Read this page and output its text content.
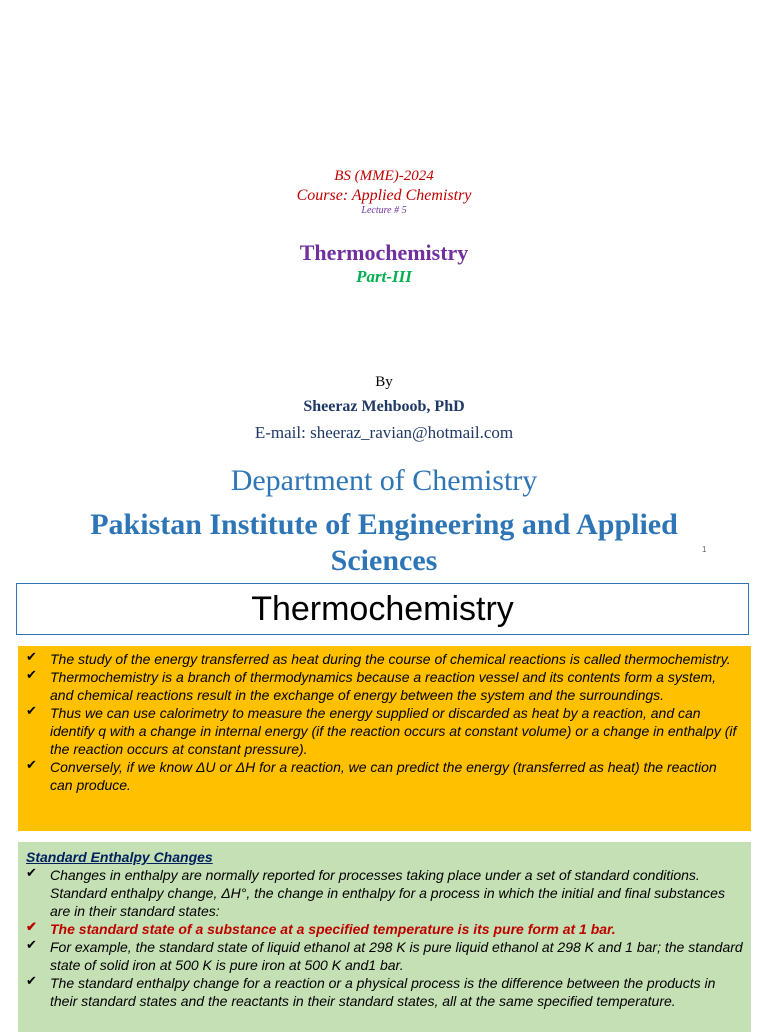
BS (MME)-2024
Course: Applied Chemistry
Lecture # 5
Thermochemistry
Part-III
By
Sheeraz Mehboob, PhD
E-mail: sheeraz_ravian@hotmail.com
Department of Chemistry
Pakistan Institute of Engineering and Applied Sciences	1
Thermochemistry
✔ The study of the energy transferred as heat during the course of chemical reactions is called thermochemistry.
✔ Thermochemistry is a branch of thermodynamics because a reaction vessel and its contents form a system, and chemical reactions result in the exchange of energy between the system and the surroundings.
✔ Thus we can use calorimetry to measure the energy supplied or discarded as heat by a reaction, and can identify q with a change in internal energy (if the reaction occurs at constant volume) or a change in enthalpy (if the reaction occurs at constant pressure).
✔ Conversely, if we know ΔU or ΔH for a reaction, we can predict the energy (transferred as heat) the reaction can produce.
Standard Enthalpy Changes
✔ Changes in enthalpy are normally reported for processes taking place under a set of standard conditions. Standard enthalpy change, ΔH°, the change in enthalpy for a process in which the initial and final substances are in their standard states:
✔ The standard state of a substance at a specified temperature is its pure form at 1 bar.
✔ For example, the standard state of liquid ethanol at 298 K is pure liquid ethanol at 298 K and 1 bar; the standard state of solid iron at 500 K is pure iron at 500 K and1 bar.
✔ The standard enthalpy change for a reaction or a physical process is the difference between the products in their standard states and the reactants in their standard states, all at the same specified temperature.
